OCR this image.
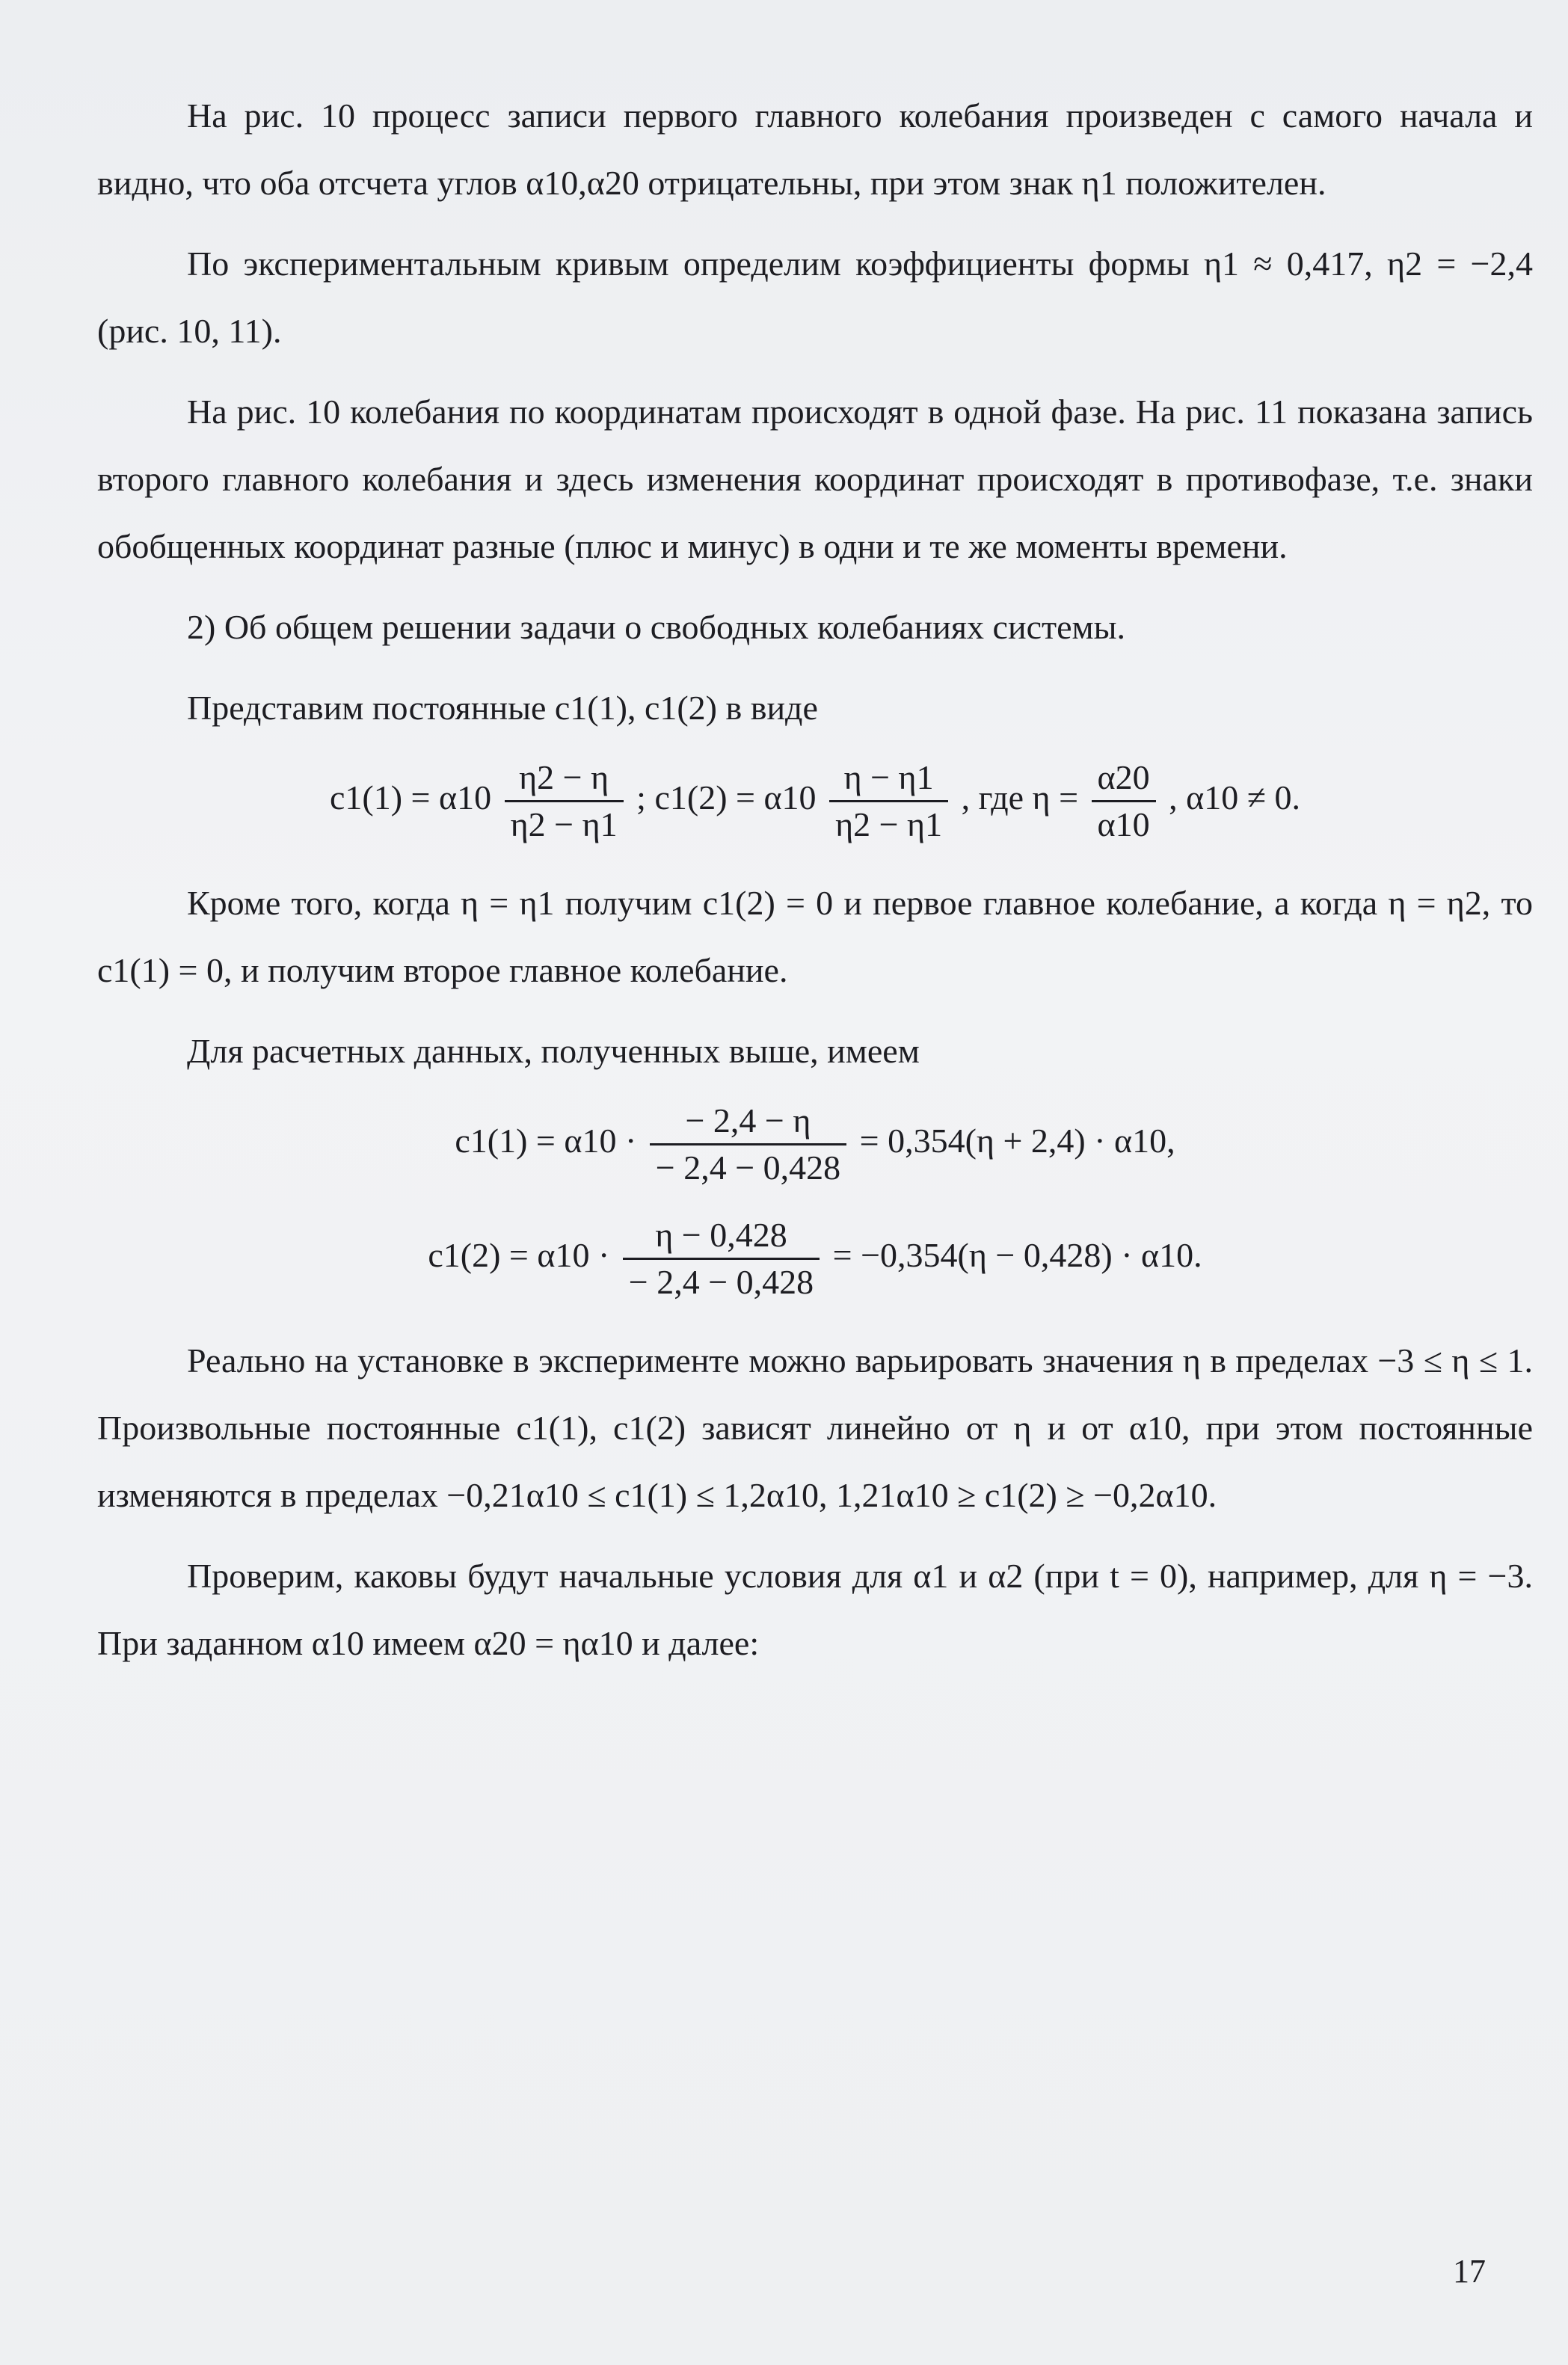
На рис. 10 процесс записи первого главного колебания произведен с самого начала и видно, что оба отсчета углов α10,α20 отрицательны, при этом знак η1 положителен.

По экспериментальным кривым определим коэффициенты формы η1 ≈ 0,417, η2 = −2,4 (рис. 10, 11).

На рис. 10 колебания по координатам происходят в одной фазе. На рис. 11 показана запись второго главного колебания и здесь изменения координат происходят в противофазе, т.е. знаки обобщенных координат разные (плюс и минус) в одни и те же моменты времени.

2) Об общем решении задачи о свободных колебаниях системы.

Представим постоянные c1(1), c1(2) в виде

$c1(1) = \alpha 10 \frac{\eta 2 - \eta}{\eta 2 - \eta 1}$ ; $c1(2) = \alpha 10 \frac{\eta - \eta 1}{\eta 2 - \eta 1}$ , где $\eta = \frac{\alpha 20}{\alpha 10}$ , α10 ≠ 0.

Кроме того, когда η = η1 получим c1(2) = 0 и первое главное колебание, а когда η = η2, то c1(1) = 0, и получим второе главное колебание.

Для расчетных данных, полученных выше, имеем

$c1(1) = \alpha 10 \cdot \frac{- 2,4 - \eta}{- 2,4 - 0,428} = 0,354(\eta + 2,4) \cdot \alpha 10$,
$c1(2) = \alpha 10 \cdot \frac{\eta - 0,428}{- 2,4 - 0,428} = -0,354(\eta - 0,428) \cdot \alpha 10$.

Реально на установке в эксперименте можно варьировать значения η в пределах −3 ≤ η ≤ 1. Произвольные постоянные c1(1), c1(2) зависят линейно от η и от α10, при этом постоянные изменяются в пределах −0,21α10 ≤ c1(1) ≤ 1,2α10, 1,21α10 ≥ c1(2) ≥ −0,2α10.

Проверим, каковы будут начальные условия для α1 и α2 (при t = 0), например, для η = −3. При заданном α10 имеем α20 = ηα10 и далее:

17
